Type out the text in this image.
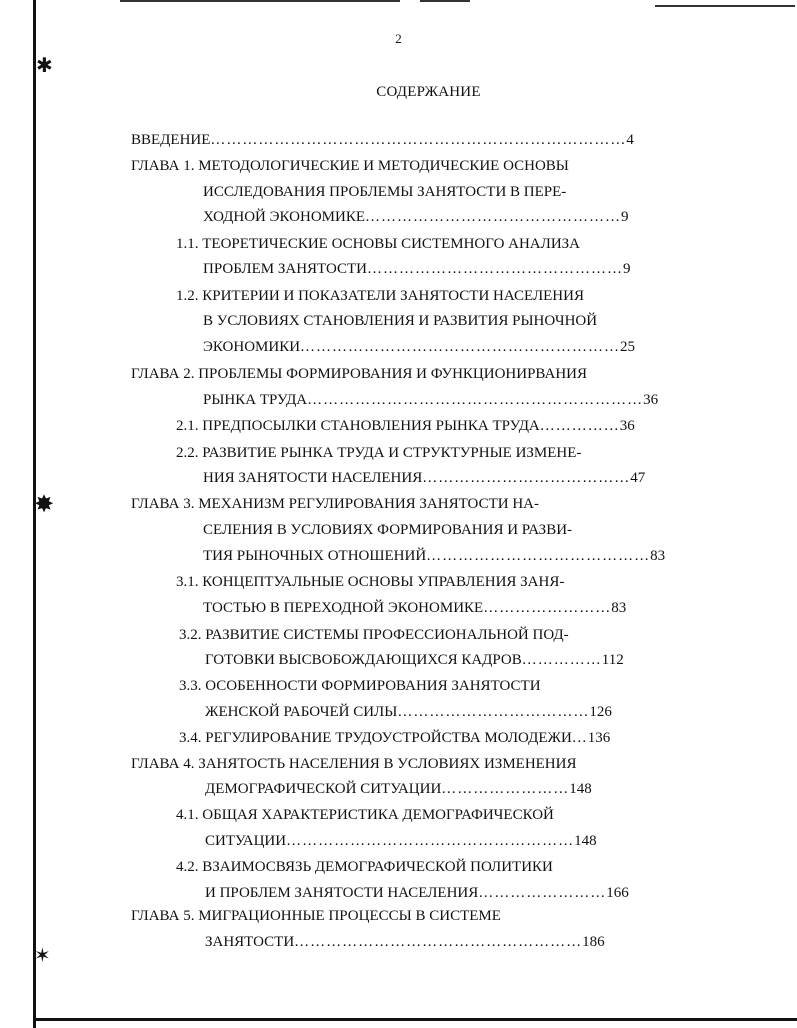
✱
✸
✶
2
СОДЕРЖАНИЕ
ВВЕДЕНИЕ……………………………………………………………………4
ГЛАВА 1. МЕТОДОЛОГИЧЕСКИЕ И МЕТОДИЧЕСКИЕ ОСНОВЫ
ИССЛЕДОВАНИЯ ПРОБЛЕМЫ ЗАНЯТОСТИ В ПЕРЕ-
ХОДНОЙ ЭКОНОМИКЕ…………………………………………9
1.1. ТЕОРЕТИЧЕСКИЕ ОСНОВЫ СИСТЕМНОГО АНАЛИЗА
ПРОБЛЕМ ЗАНЯТОСТИ…………………………………………9
1.2. КРИТЕРИИ И ПОКАЗАТЕЛИ ЗАНЯТОСТИ НАСЕЛЕНИЯ
В УСЛОВИЯХ СТАНОВЛЕНИЯ И РАЗВИТИЯ РЫНОЧНОЙ
ЭКОНОМИКИ……………………………………………………25
ГЛАВА 2. ПРОБЛЕМЫ ФОРМИРОВАНИЯ И ФУНКЦИОНИРВАНИЯ
РЫНКА ТРУДА………………………………………………………36
2.1. ПРЕДПОСЫЛКИ СТАНОВЛЕНИЯ РЫНКА ТРУДА……………36
2.2. РАЗВИТИЕ РЫНКА ТРУДА И СТРУКТУРНЫЕ ИЗМЕНЕ-
НИЯ ЗАНЯТОСТИ НАСЕЛЕНИЯ…………………………………47
ГЛАВА 3. МЕХАНИЗМ РЕГУЛИРОВАНИЯ ЗАНЯТОСТИ НА-
СЕЛЕНИЯ В УСЛОВИЯХ ФОРМИРОВАНИЯ И РАЗВИ-
ТИЯ РЫНОЧНЫХ ОТНОШЕНИЙ……………………………………83
3.1. КОНЦЕПТУАЛЬНЫЕ ОСНОВЫ УПРАВЛЕНИЯ ЗАНЯ-
ТОСТЬЮ В ПЕРЕХОДНОЙ ЭКОНОМИКЕ……………………83
3.2. РАЗВИТИЕ СИСТЕМЫ ПРОФЕССИОНАЛЬНОЙ ПОД-
ГОТОВКИ ВЫСВОБОЖДАЮЩИХСЯ КАДРОВ……………112
3.3. ОСОБЕННОСТИ ФОРМИРОВАНИЯ ЗАНЯТОСТИ
ЖЕНСКОЙ РАБОЧЕЙ СИЛЫ………………………………126
3.4. РЕГУЛИРОВАНИЕ ТРУДОУСТРОЙСТВА МОЛОДЕЖИ…136
ГЛАВА 4. ЗАНЯТОСТЬ НАСЕЛЕНИЯ В УСЛОВИЯХ ИЗМЕНЕНИЯ
ДЕМОГРАФИЧЕСКОЙ СИТУАЦИИ……………………148
4.1. ОБЩАЯ ХАРАКТЕРИСТИКА ДЕМОГРАФИЧЕСКОЙ
СИТУАЦИИ………………………………………………148
4.2. ВЗАИМОСВЯЗЬ ДЕМОГРАФИЧЕСКОЙ ПОЛИТИКИ
И ПРОБЛЕМ ЗАНЯТОСТИ НАСЕЛЕНИЯ……………………166
ГЛАВА 5. МИГРАЦИОННЫЕ ПРОЦЕССЫ В СИСТЕМЕ
ЗАНЯТОСТИ………………………………………………186
